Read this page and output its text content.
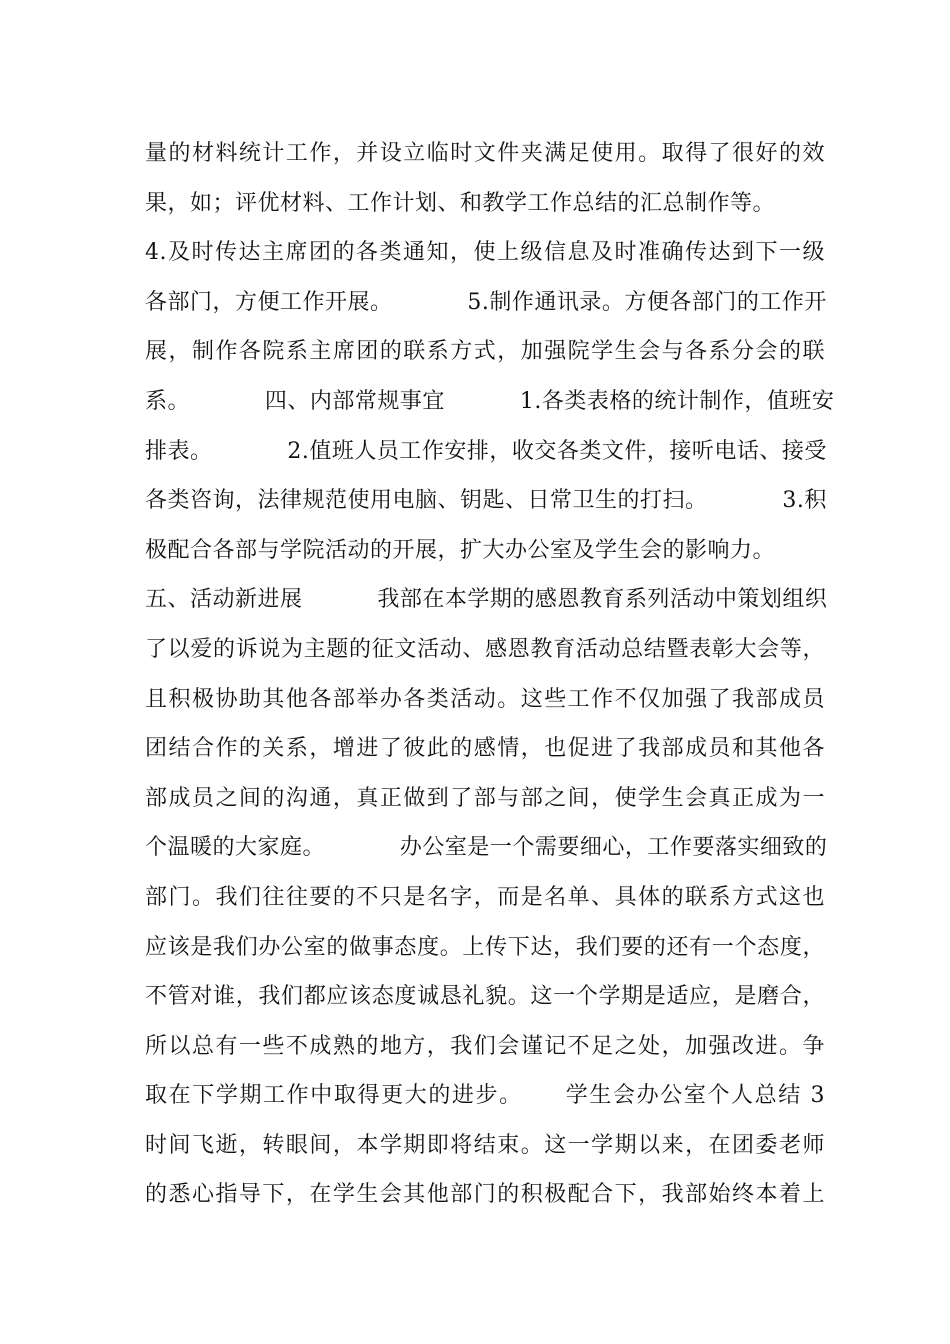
量的材料统计工作，并设立临时文件夹满足使用。取得了很好的效
果，如；评优材料、工作计划、和教学工作总结的汇总制作等。
4.及时传达主席团的各类通知，使上级信息及时准确传达到下一级
各部门，方便工作开展。          5.制作通讯录。方便各部门的工作开
展，制作各院系主席团的联系方式，加强院学生会与各系分会的联
系。          四、内部常规事宜          1.各类表格的统计制作，值班安
排表。          2.值班人员工作安排，收交各类文件，接听电话、接受
各类咨询，法律规范使用电脑、钥匙、日常卫生的打扫。          3.积
极配合各部与学院活动的开展，扩大办公室及学生会的影响力。
五、活动新进展          我部在本学期的感恩教育系列活动中策划组织
了以爱的诉说为主题的征文活动、感恩教育活动总结暨表彰大会等，
且积极协助其他各部举办各类活动。这些工作不仅加强了我部成员
团结合作的关系，增进了彼此的感情，也促进了我部成员和其他各
部成员之间的沟通，真正做到了部与部之间，使学生会真正成为一
个温暖的大家庭。          办公室是一个需要细心，工作要落实细致的
部门。我们往往要的不只是名字，而是名单、具体的联系方式这也
应该是我们办公室的做事态度。上传下达，我们要的还有一个态度，
不管对谁，我们都应该态度诚恳礼貌。这一个学期是适应，是磨合，
所以总有一些不成熟的地方，我们会谨记不足之处，加强改进。争
取在下学期工作中取得更大的进步。     学生会办公室个人总结 3
时间飞逝，转眼间，本学期即将结束。这一学期以来，在团委老师
的悉心指导下，在学生会其他部门的积极配合下，我部始终本着上
